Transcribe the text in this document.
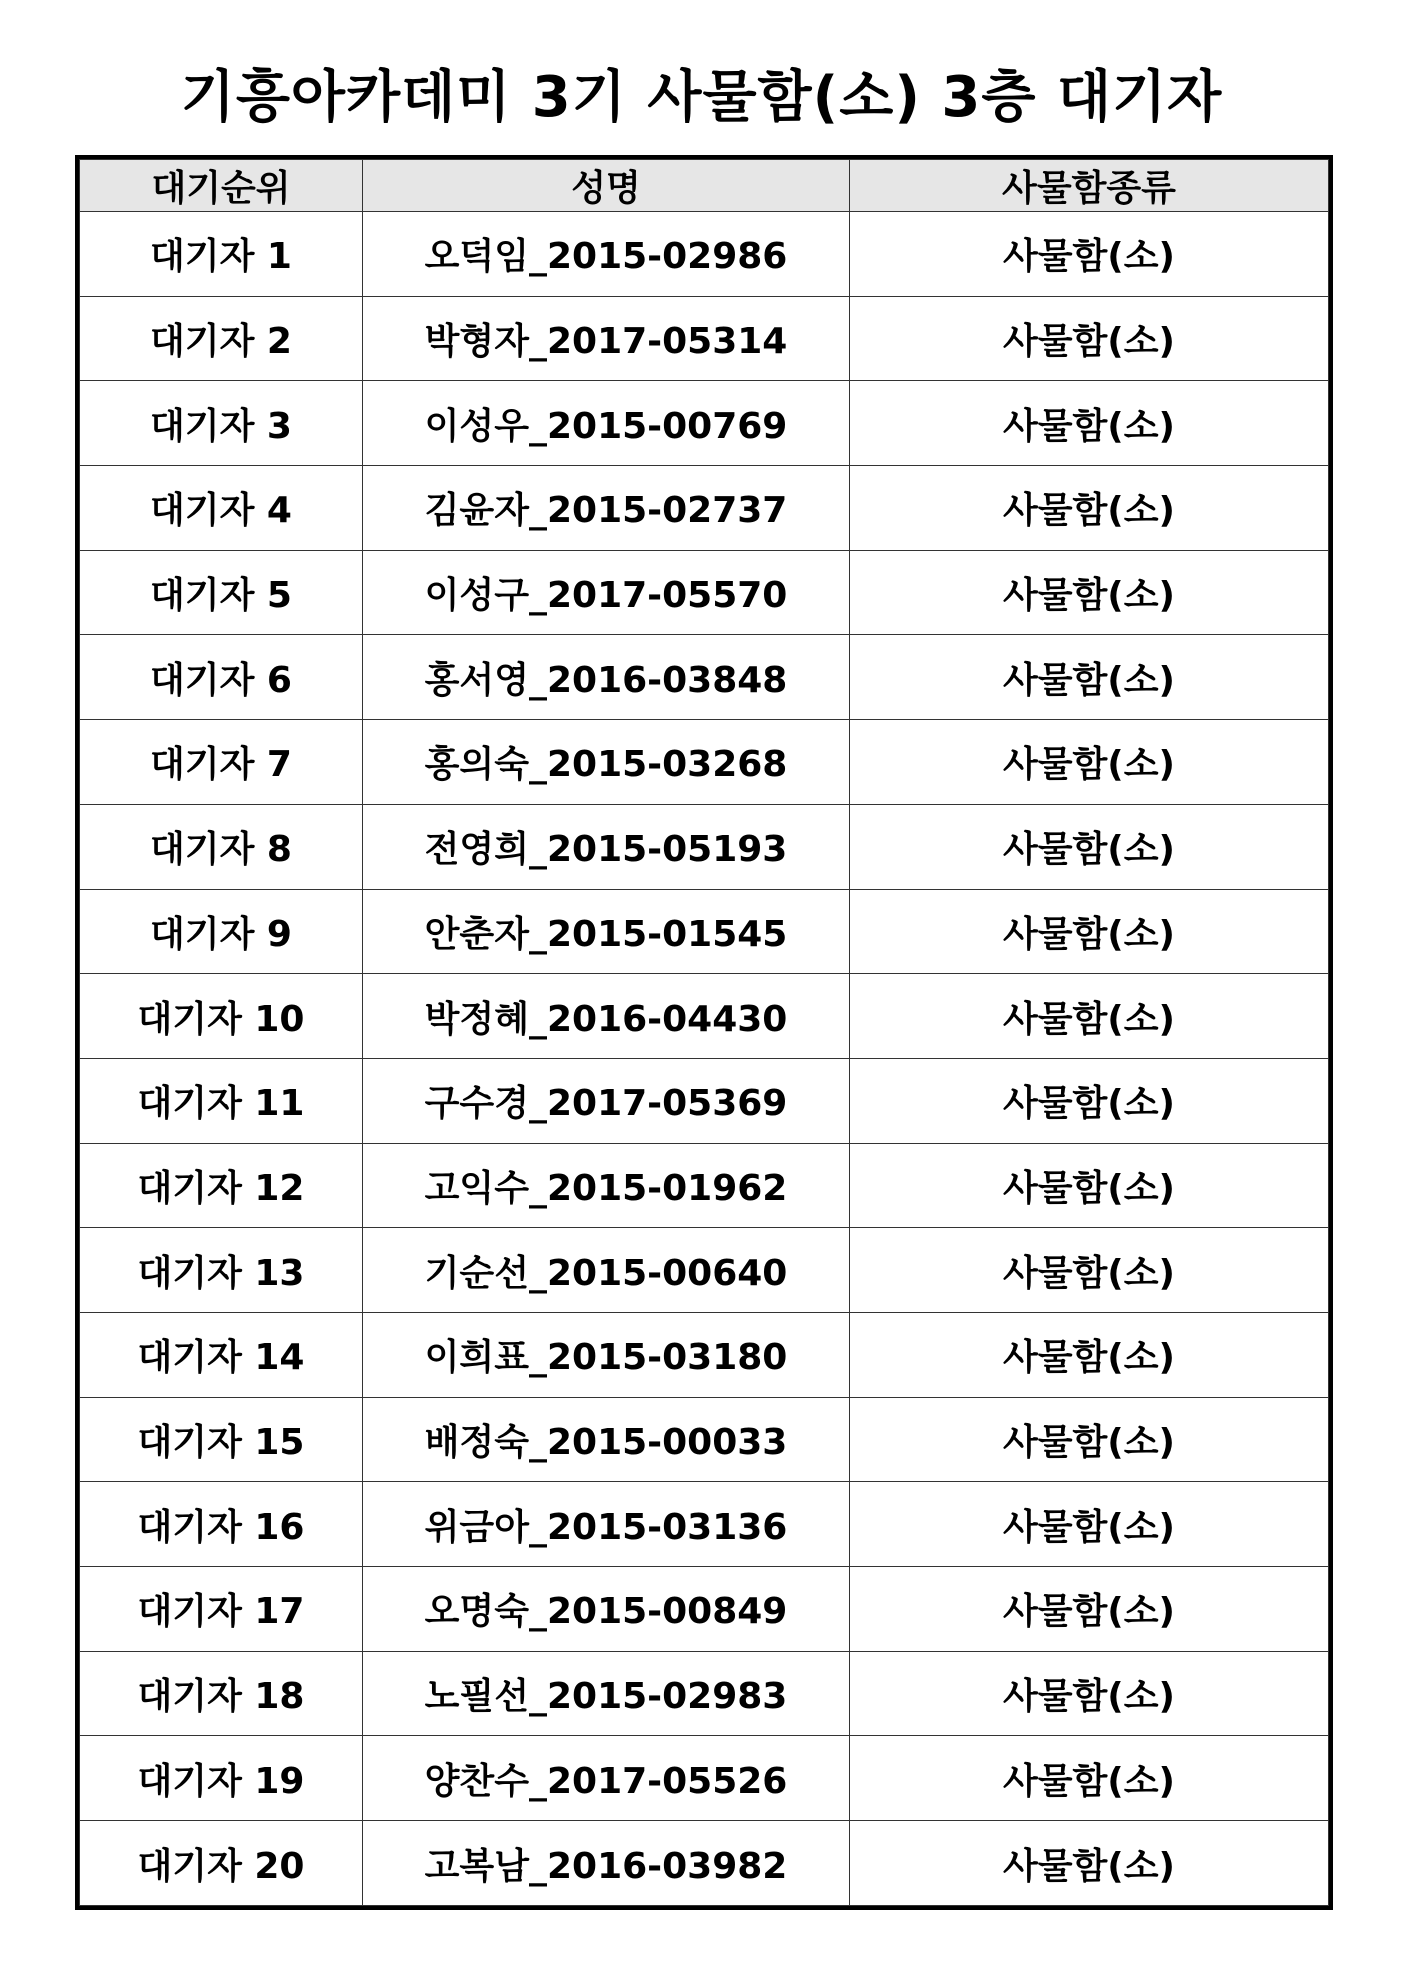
기흥아카데미 3기 사물함(소) 3층 대기자
대기순위	성명	사물함종류
대기자 1	오덕임_2015-02986	사물함(소)
대기자 2	박형자_2017-05314	사물함(소)
대기자 3	이성우_2015-00769	사물함(소)
대기자 4	김윤자_2015-02737	사물함(소)
대기자 5	이성구_2017-05570	사물함(소)
대기자 6	홍서영_2016-03848	사물함(소)
대기자 7	홍의숙_2015-03268	사물함(소)
대기자 8	전영희_2015-05193	사물함(소)
대기자 9	안춘자_2015-01545	사물함(소)
대기자 10	박정혜_2016-04430	사물함(소)
대기자 11	구수경_2017-05369	사물함(소)
대기자 12	고익수_2015-01962	사물함(소)
대기자 13	기순선_2015-00640	사물함(소)
대기자 14	이희표_2015-03180	사물함(소)
대기자 15	배정숙_2015-00033	사물함(소)
대기자 16	위금아_2015-03136	사물함(소)
대기자 17	오명숙_2015-00849	사물함(소)
대기자 18	노필선_2015-02983	사물함(소)
대기자 19	양찬수_2017-05526	사물함(소)
대기자 20	고복남_2016-03982	사물함(소)
